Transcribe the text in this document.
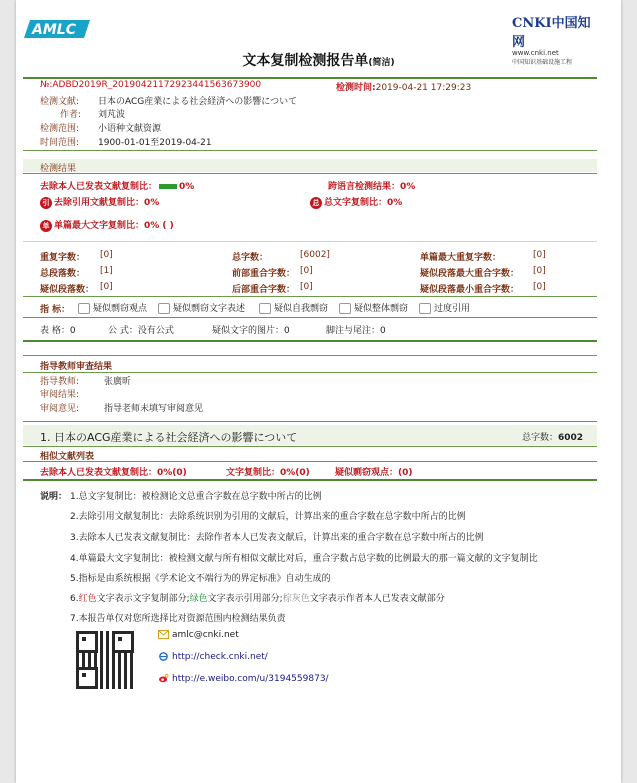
AMLC	CNKI中国知网
www.cnki.net
中国知识基础设施工程
文本复制检测报告单(简洁)
№:ADBD2019R_20190421172923441563673900	检测时间:2019-04-21 17:29:23
检测文献: 日本のACG産業による社会経済への影響について
作者: 刘芃波
检测范围: 小语种文献资源
时间范围: 1900-01-01至2019-04-21
检测结果
去除本人已发表文献复制比： 0%	跨语言检测结果：0%
引 去除引用文献复制比：0%	总 总文字复制比：0%
单 单篇最大文字复制比：0% ( )
重复字数： [0]	总字数：	[6002]	单篇最大重复字数：	[0]
总段落数： [1]	前部重合字数： [0]	疑似段落最大重合字数： [0]
疑似段落数： [0]	后部重合字数： [0]	疑似段落最小重合字数： [0]
指 标：	疑似剽窃观点	疑似剽窃文字表述	疑似自我剽窃	疑似整体剽窃	过度引用
表 格：0	公 式：没有公式	疑似文字的图片：0	脚注与尾注：0
指导教师审查结果
指导教师:	张廣昕
审阅结果:
审阅意见:	指导老师未填写审阅意见
1. 日本のACG産業による社会経済への影響について	总字数：6002
相似文献列表
去除本人已发表文献复制比：0%(0)	文字复制比：0%(0)	疑似剽窃观点：(0)
说明： 1.总文字复制比：被检测论文总重合字数在总字数中所占的比例
2.去除引用文献复制比：去除系统识别为引用的文献后，计算出来的重合字数在总字数中所占的比例
3.去除本人已发表文献复制比：去除作者本人已发表文献后，计算出来的重合字数在总字数中所占的比例
4.单篇最大文字复制比：被检测文献与所有相似文献比对后，重合字数占总字数的比例最大的那一篇文献的文字复制比
5.指标是由系统根据《学术论文不端行为的界定标准》自动生成的
6.红色文字表示文字复制部分;绿色文字表示引用部分;棕灰色文字表示作者本人已发表文献部分
7.本报告单仅对您所选择比对资源范围内检测结果负责
amlc@cnki.net
http://check.cnki.net/
http://e.weibo.com/u/3194559873/
